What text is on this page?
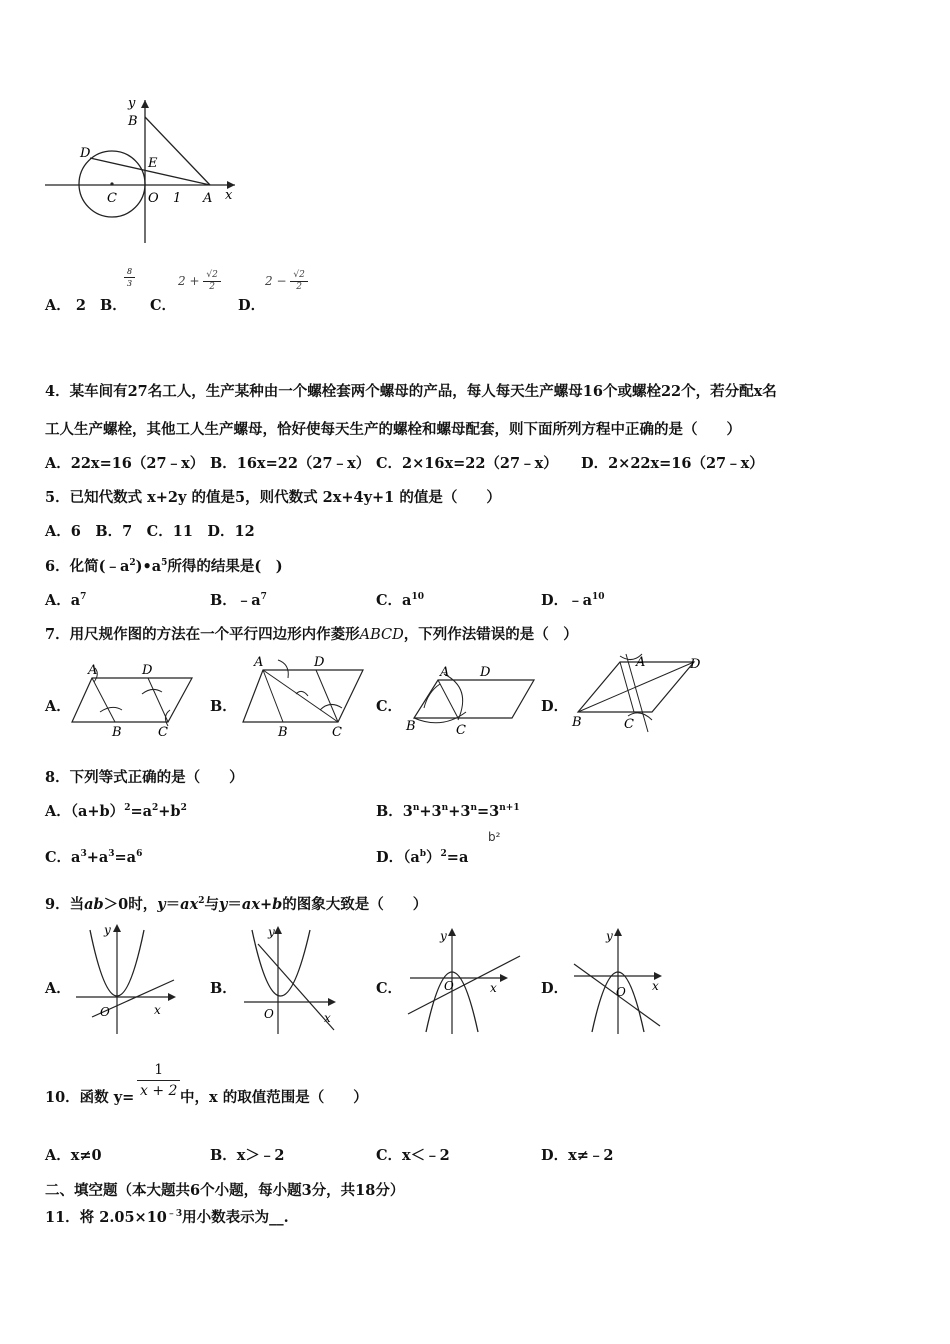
y
B
D
E
C O 1 A x
A． 2 B．
$\frac{8}{3}$
C．
$2 + \frac{√2}{2}$
D．
$2 - \frac{√2}{2}$
4．某车间有27名工人，生产某种由一个螺栓套两个螺母的产品，每人每天生产螺母16个或螺栓22个，若分配x名
工人生产螺栓，其他工人生产螺母，恰好使每天生产的螺栓和螺母配套，则下面所列方程中正确的是（　　）
A．22x=16（27﹣x） B．16x=22（27﹣x） C．2×16x=22（27﹣x） D．2×22x=16（27﹣x）
5．已知代数式 x+2y 的值是5，则代数式 2x+4y+1 的值是（　　）
A．6　B．7　C．11　D．12
6．化简$(﹣a^2)•a^5$所得的结果是(　)
A．$a^7$	B．$﹣a^7$	C．$a^{10}$	D．$﹣a^{10}$
7．用尺规作图的方法在一个平行四边形内作菱形ABCD，下列作法错误的是（　）
A．
A	D
B	C
B．
A	D
B	C
C．
A D
B	C
D．
A	D
B	C
8．下列等式正确的是（　　）
A．$(a+b)^2=a^2+b^2$	B．$3^n+3^n+3^n=3^{n+1}$
C．$a^3+a^3=a^6$	D．$(a^b)^2=a$
b²
9．当ab＞0时，$y=ax^2$与y＝ax+b的图象大致是（　　）
A．
y
x
O
B．
y
x
O
C．
y
x
O	D．
y
x
O
10．函数 $y= \frac{1}{x + 2}$ 中，x 的取值范围是（　　）
A．x≠0	B．x＞﹣2	C．x＜﹣2	D．x≠﹣2
二、填空题（本大题共6个小题，每小题3分，共18分）
11．将 $2.05\times 10^{﹣3}$用小数表示为__.
